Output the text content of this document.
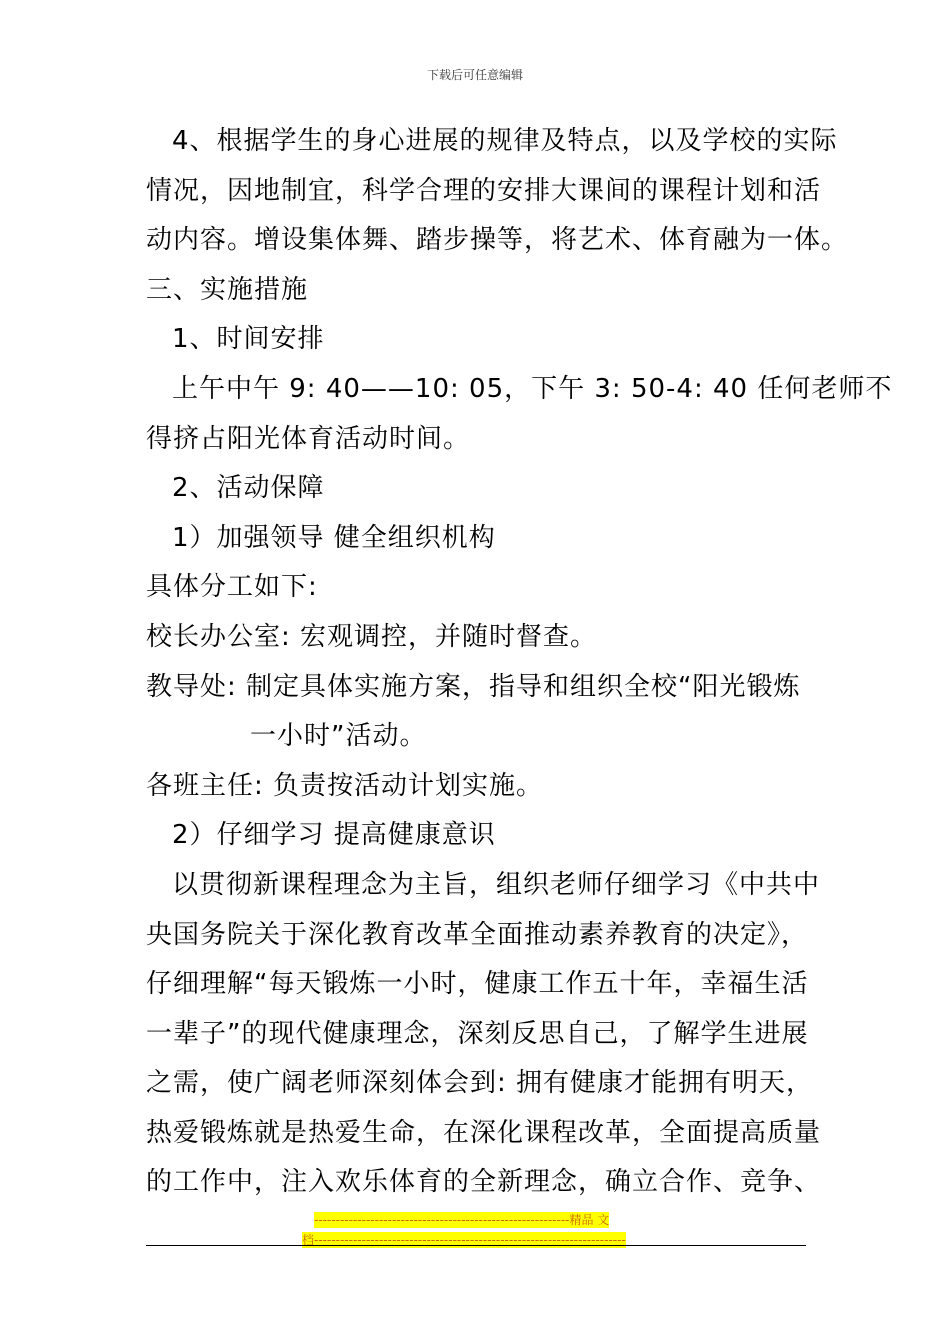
下载后可任意编辑
4、根据学生的身心进展的规律及特点，以及学校的实际
情况，因地制宜，科学合理的安排大课间的课程计划和活
动内容。增设集体舞、踏步操等，将艺术、体育融为一体。
三、实施措施
1、时间安排
上午中午 9: 40——10: 05，下午 3: 50-4: 40 任何老师不
得挤占阳光体育活动时间。
2、活动保障
1）加强领导 健全组织机构
具体分工如下:
校长办公室: 宏观调控，并随时督查。
教导处: 制定具体实施方案，指导和组织全校“阳光锻炼
一小时”活动。
各班主任: 负责按活动计划实施。
2）仔细学习 提高健康意识
以贯彻新课程理念为主旨，组织老师仔细学习《中共中
央国务院关于深化教育改革全面推动素养教育的决定》，
仔细理解“每天锻炼一小时，健康工作五十年，幸福生活
一辈子”的现代健康理念，深刻反思自己，了解学生进展
之需，使广阔老师深刻体会到: 拥有健康才能拥有明天，
热爱锻炼就是热爱生命，在深化课程改革，全面提高质量
的工作中，注入欢乐体育的全新理念，确立合作、竞争、
-----------------------------------------------------------精品 文
档------------------------------------------------------------------------
